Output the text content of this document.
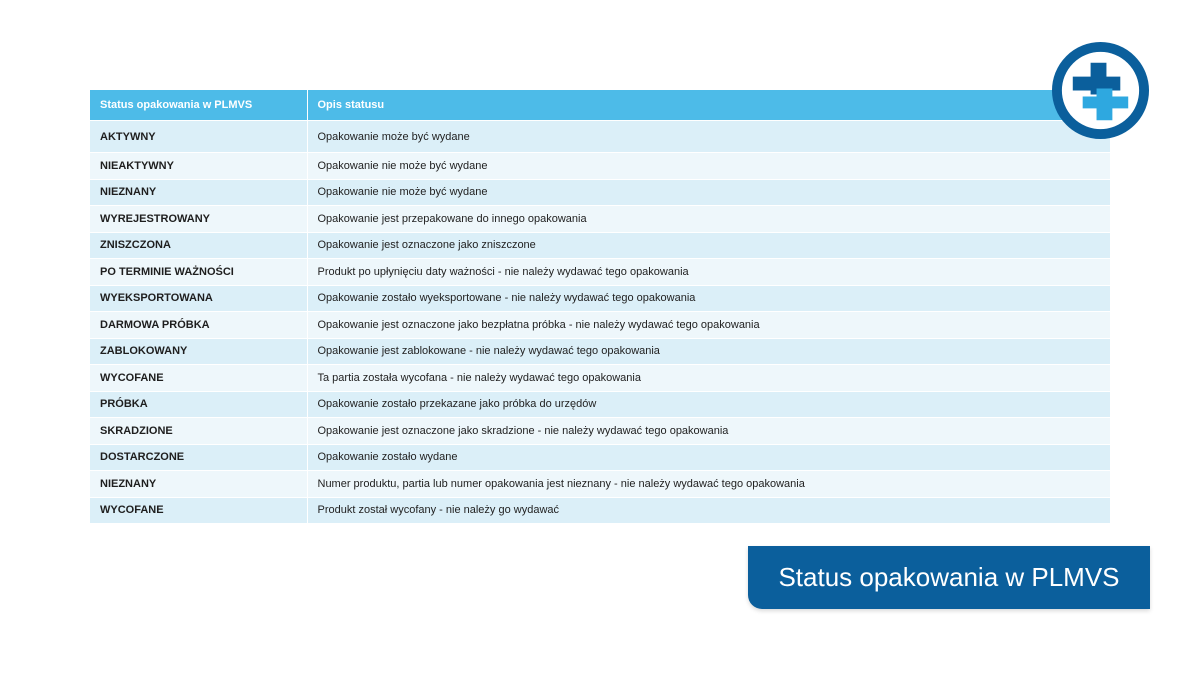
Status opakowania w PLMVS	Opis statusu
AKTYWNY	Opakowanie może być wydane
NIEAKTYWNY	Opakowanie nie może być wydane
NIEZNANY	Opakowanie nie może być wydane
WYREJESTROWANY	Opakowanie jest przepakowane do innego opakowania
ZNISZCZONA	Opakowanie jest oznaczone jako zniszczone
PO TERMINIE WAŻNOŚCI	Produkt po upłynięciu daty ważności - nie należy wydawać tego opakowania
WYEKSPORTOWANA	Opakowanie zostało wyeksportowane - nie należy wydawać tego opakowania
DARMOWA PRÓBKA	Opakowanie jest oznaczone jako bezpłatna próbka - nie należy wydawać tego opakowania
ZABLOKOWANY	Opakowanie jest zablokowane - nie należy wydawać tego opakowania
WYCOFANE	Ta partia została wycofana - nie należy wydawać tego opakowania
PRÓBKA	Opakowanie zostało przekazane jako próbka do urzędów
SKRADZIONE	Opakowanie jest oznaczone jako skradzione - nie należy wydawać tego opakowania
DOSTARCZONE	Opakowanie zostało wydane
NIEZNANY	Numer produktu, partia lub numer opakowania jest nieznany - nie należy wydawać tego opakowania
WYCOFANE	Produkt został wycofany - nie należy go wydawać
Status opakowania w PLMVS
